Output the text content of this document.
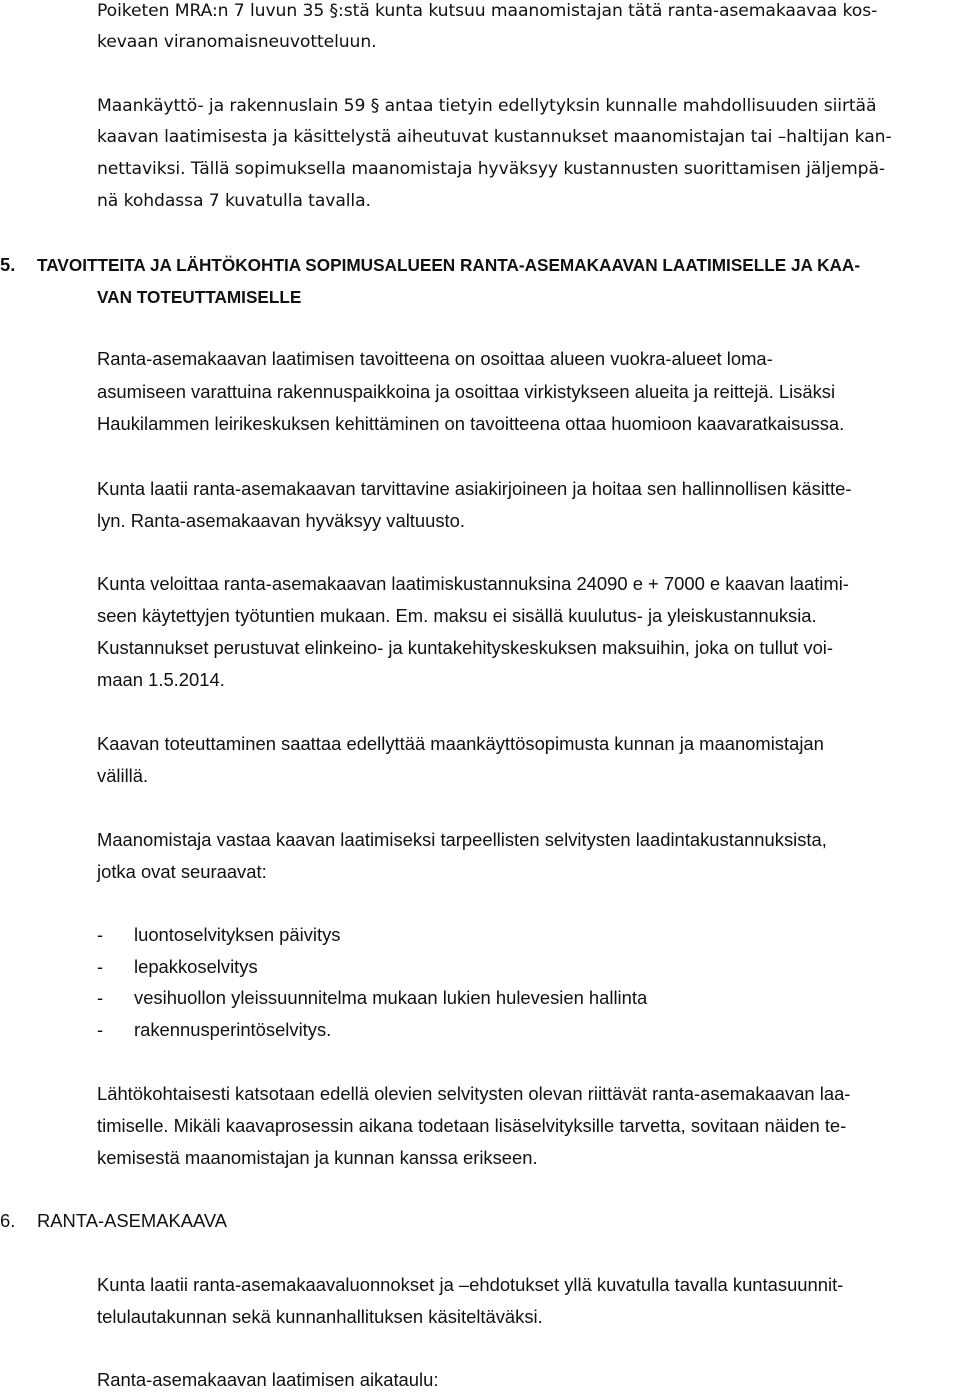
Poiketen MRA:n 7 luvun 35 §:stä kunta kutsuu maanomistajan tätä ranta-asemakaavaa kos-
kevaan viranomaisneuvotteluun.
Maankäyttö- ja rakennuslain 59 § antaa tietyin edellytyksin kunnalle mahdollisuuden siirtää
kaavan laatimisesta ja käsittelystä aiheutuvat kustannukset maanomistajan tai –haltijan kan-
nettaviksi. Tällä sopimuksella maanomistaja hyväksyy kustannusten suorittamisen jäljempä-
nä kohdassa 7 kuvatulla tavalla.
5. TAVOITTEITA JA LÄHTÖKOHTIA SOPIMUSALUEEN RANTA-ASEMAKAAVAN LAATIMISELLE JA KAA-
VAN TOTEUTTAMISELLE
Ranta-asemakaavan laatimisen tavoitteena on osoittaa alueen vuokra-alueet loma-
asumiseen varattuina rakennuspaikkoina ja osoittaa virkistykseen alueita ja reittejä. Lisäksi
Haukilammen leirikeskuksen kehittäminen on tavoitteena ottaa huomioon kaavaratkaisussa.
Kunta laatii ranta-asemakaavan tarvittavine asiakirjoineen ja hoitaa sen hallinnollisen käsitte-
lyn. Ranta-asemakaavan hyväksyy valtuusto.
Kunta veloittaa ranta-asemakaavan laatimiskustannuksina 24090 e + 7000 e kaavan laatimi-
seen käytettyjen työtuntien mukaan. Em. maksu ei sisällä kuulutus- ja yleiskustannuksia.
Kustannukset perustuvat elinkeino- ja kuntakehityskeskuksen maksuihin, joka on tullut voi-
maan 1.5.2014.
Kaavan toteuttaminen saattaa edellyttää maankäyttösopimusta kunnan ja maanomistajan
välillä.
Maanomistaja vastaa kaavan laatimiseksi tarpeellisten selvitysten laadintakustannuksista,
jotka ovat seuraavat:
- luontoselvityksen päivitys
- lepakkoselvitys
- vesihuollon yleissuunnitelma mukaan lukien hulevesien hallinta
- rakennusperintöselvitys.
Lähtökohtaisesti katsotaan edellä olevien selvitysten olevan riittävät ranta-asemakaavan laa-
timiselle. Mikäli kaavaprosessin aikana todetaan lisäselvityksille tarvetta, sovitaan näiden te-
kemisestä maanomistajan ja kunnan kanssa erikseen.
6. RANTA-ASEMAKAAVA
Kunta laatii ranta-asemakaavaluonnokset ja –ehdotukset yllä kuvatulla tavalla kuntasuunnit-
telulautakunnan sekä kunnanhallituksen käsiteltäväksi.
Ranta-asemakaavan laatimisen aikataulu:
